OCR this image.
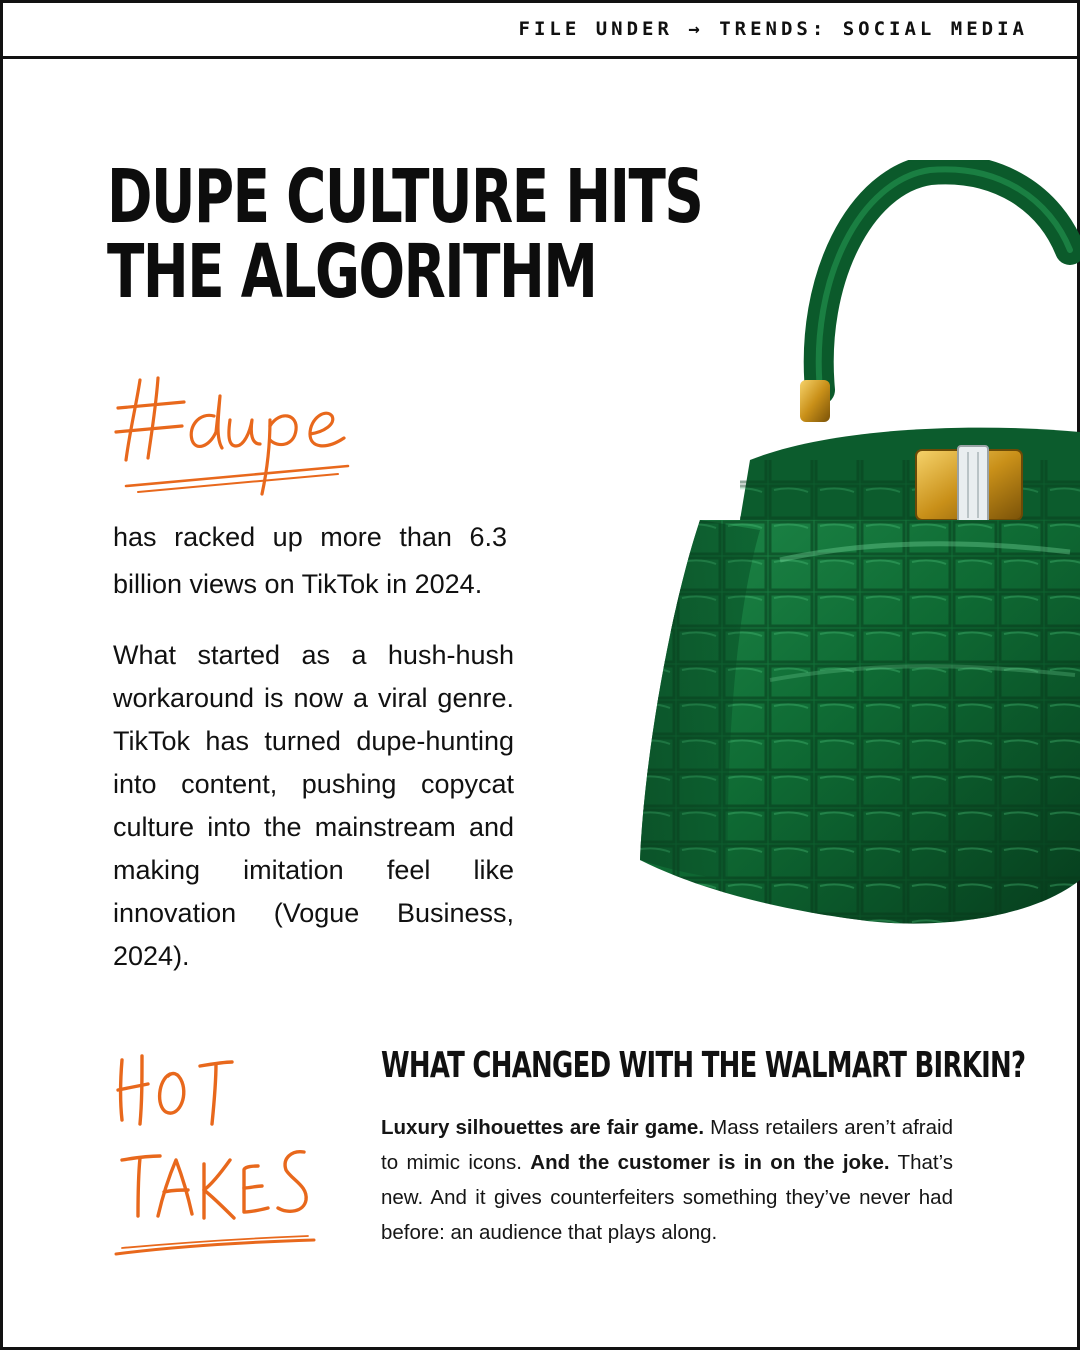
FILE UNDER → TRENDS: SOCIAL MEDIA
DUPE CULTURE HITS
THE ALGORITHM
has racked up more than 6.3 billion views on TikTok in 2024.
What started as a hush-hush workaround is now a viral genre. TikTok has turned dupe-hunting into content, pushing copycat culture into the mainstream and making imitation feel like innovation (Vogue Business, 2024).
WHAT CHANGED WITH THE WALMART BIRKIN?
Luxury silhouettes are fair game. Mass retailers aren’t afraid to mimic icons. And the customer is in on the joke. That’s new. And it gives counterfeiters something they’ve never had before: an audience that plays along.
